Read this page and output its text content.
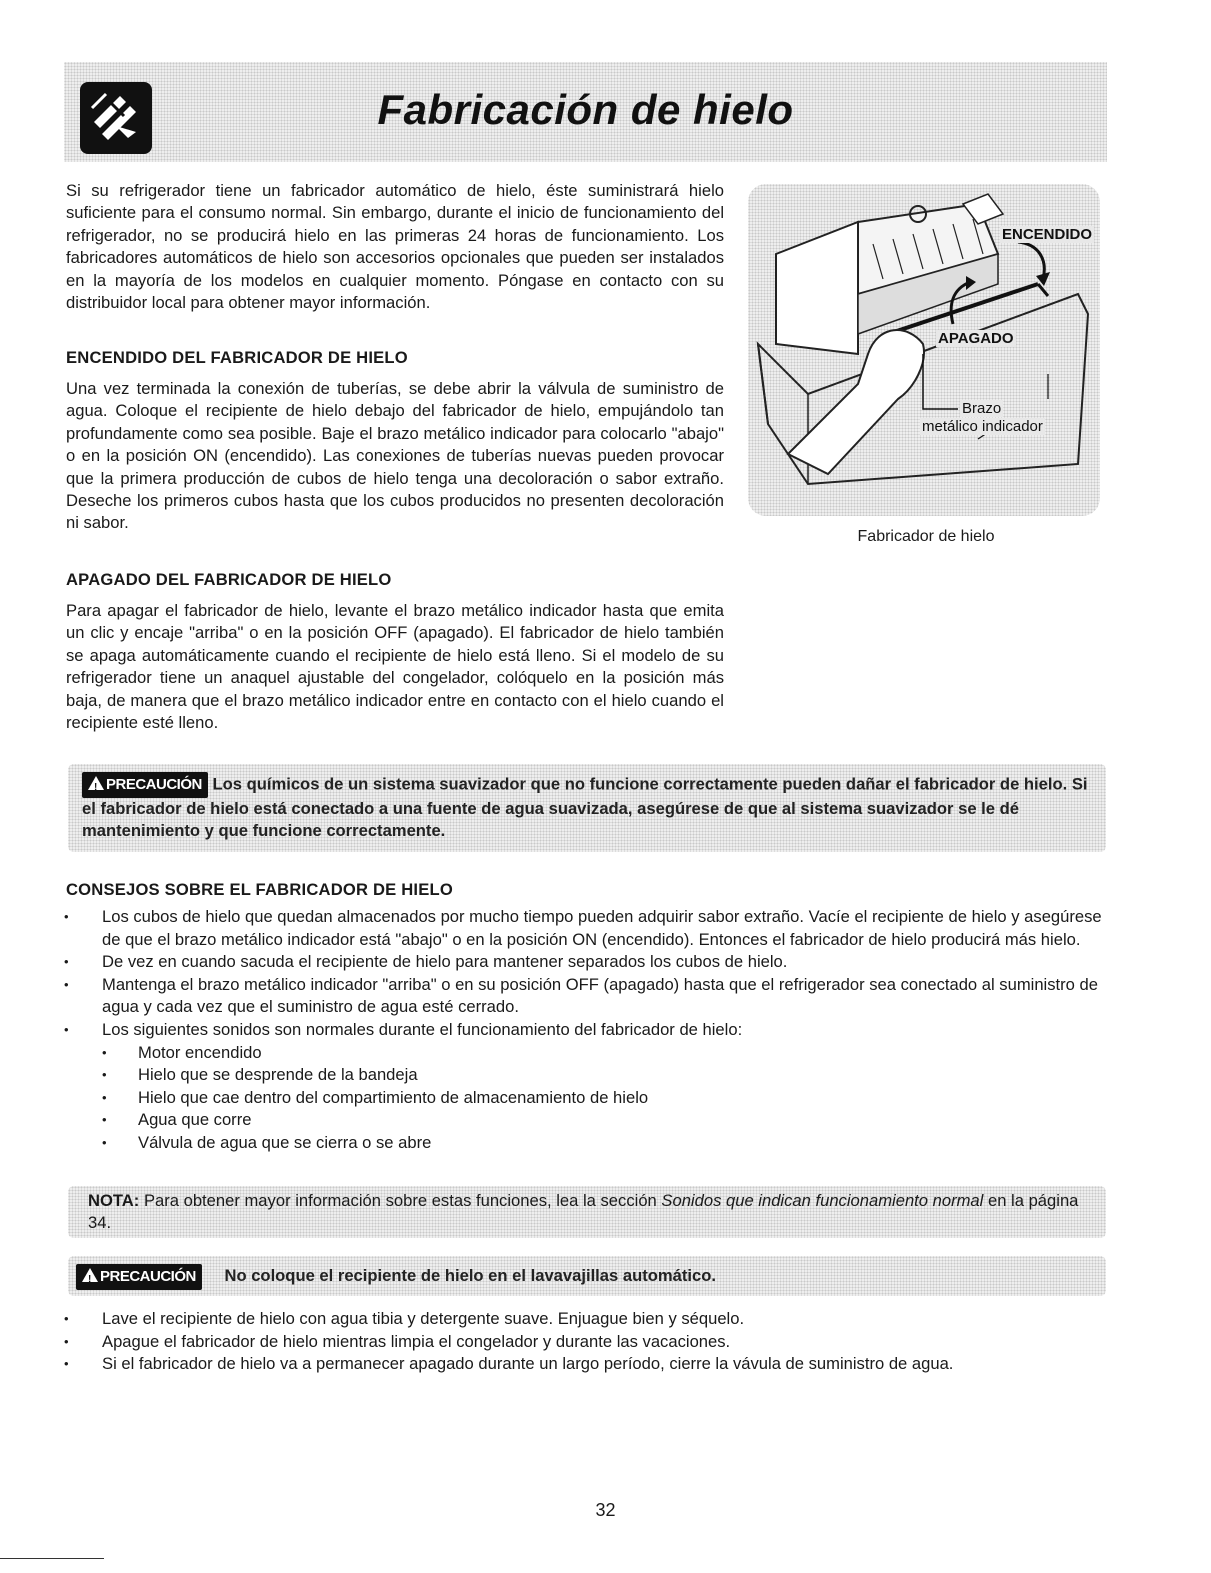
Fabricación de hielo

Si su refrigerador tiene un fabricador automático de hielo, éste suministrará hielo suficiente para el consumo normal. Sin embargo, durante el inicio de funcionamiento del refrigerador, no se producirá hielo en las primeras 24 horas de funcionamiento. Los fabricadores automáticos de hielo son accesorios opcionales que pueden ser instalados en la mayoría de los modelos en cualquier momento. Póngase en contacto con su distribuidor local para obtener mayor información.

ENCENDIDO DEL FABRICADOR DE HIELO

Una vez terminada la conexión de tuberías, se debe abrir la válvula de suministro de agua. Coloque el recipiente de hielo debajo del fabricador de hielo, empujándolo tan profundamente como sea posible. Baje el brazo metálico indicador para colocarlo "abajo" o en la posición ON (encendido). Las conexiones de tuberías nuevas pueden provocar que la primera producción de cubos de hielo tenga una decoloración o sabor extraño. Deseche los primeros cubos hasta que los cubos producidos no presenten decoloración ni sabor.

APAGADO DEL FABRICADOR DE HIELO

Para apagar el fabricador de hielo, levante el brazo metálico indicador hasta que emita un clic y encaje "arriba" o en la posición OFF (apagado). El fabricador de hielo también se apaga automáticamente cuando el recipiente de hielo está lleno. Si el modelo de su refrigerador tiene un anaquel ajustable del congelador, colóquelo en la posición más baja, de manera que el brazo metálico indicador entre en contacto con el hielo cuando el recipiente esté lleno.

ENCENDIDO
APAGADO
Brazo
metálico indicador
Fabricador de hielo
!PRECAUCIÓN Los químicos de un sistema suavizador que no funcione correctamente pueden dañar el fabricador de hielo. Si el fabricador de hielo está conectado a una fuente de agua suavizada, asegúrese de que al sistema suavizador se le dé mantenimiento y que funcione correctamente.
CONSEJOS SOBRE EL FABRICADOR DE HIELO
• Los cubos de hielo que quedan almacenados por mucho tiempo pueden adquirir sabor extraño. Vacíe el recipiente de hielo y asegúrese de que el brazo metálico indicador está "abajo" o en la posición ON (encendido). Entonces el fabricador de hielo producirá más hielo.
• De vez en cuando sacuda el recipiente de hielo para mantener separados los cubos de hielo.
• Mantenga el brazo metálico indicador "arriba" o en su posición OFF (apagado) hasta que el refrigerador sea conectado al suministro de agua y cada vez que el suministro de agua esté cerrado.
• Los siguientes sonidos son normales durante el funcionamiento del fabricador de hielo:
• Motor encendido
• Hielo que se desprende de la bandeja
• Hielo que cae dentro del compartimiento de almacenamiento de hielo
• Agua que corre
• Válvula de agua que se cierra o se abre
NOTA: Para obtener mayor información sobre estas funciones, lea la sección Sonidos que indican funcionamiento normal en la página 34.
!PRECAUCIÓN No coloque el recipiente de hielo en el lavavajillas automático.
• Lave el recipiente de hielo con agua tibia y detergente suave. Enjuague bien y séquelo.
• Apague el fabricador de hielo mientras limpia el congelador y durante las vacaciones.
• Si el fabricador de hielo va a permanecer apagado durante un largo período, cierre la vávula de suministro de agua.
32
